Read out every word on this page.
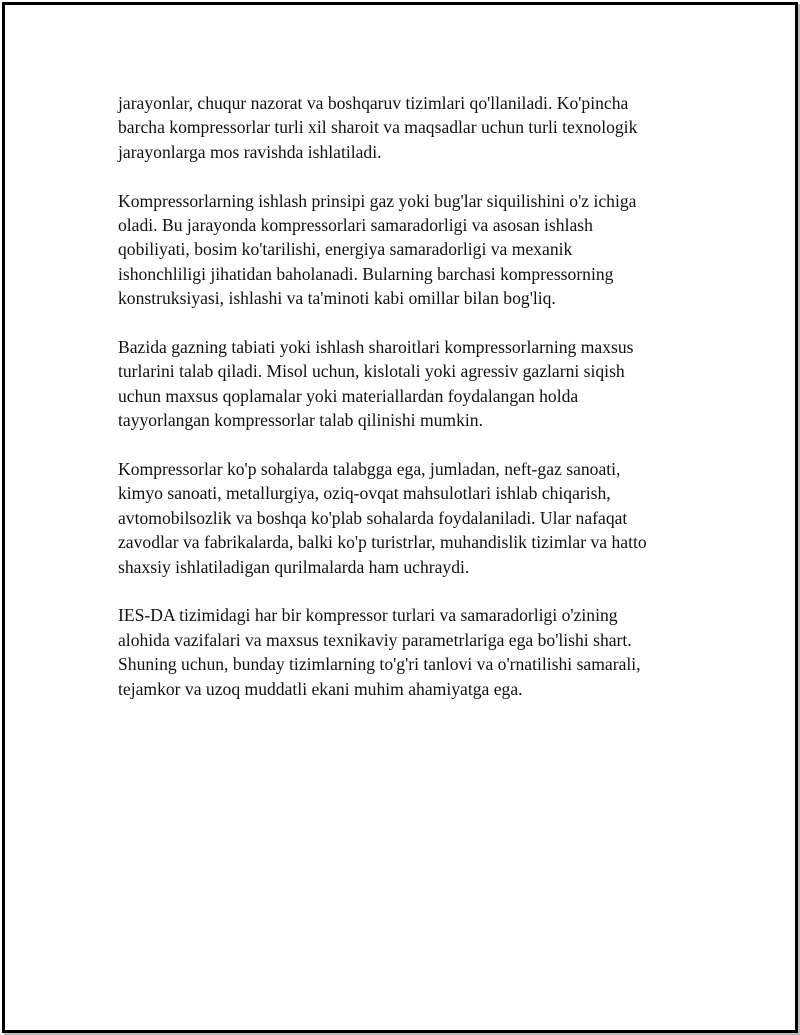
jarayonlar, chuqur nazorat va boshqaruv tizimlari qo'llaniladi. Ko'pincha
barcha kompressorlar turli xil sharoit va maqsadlar uchun turli texnologik
jarayonlarga mos ravishda ishlatiladi.

Kompressorlarning ishlash prinsipi gaz yoki bug'lar siquilishini o'z ichiga
oladi. Bu jarayonda kompressorlari samaradorligi va asosan ishlash
qobiliyati, bosim ko'tarilishi, energiya samaradorligi va mexanik
ishonchliligi jihatidan baholanadi. Bularning barchasi kompressorning
konstruksiyasi, ishlashi va ta'minoti kabi omillar bilan bog'liq.

Bazida gazning tabiati yoki ishlash sharoitlari kompressorlarning maxsus
turlarini talab qiladi. Misol uchun, kislotali yoki agressiv gazlarni siqish
uchun maxsus qoplamalar yoki materiallardan foydalangan holda
tayyorlangan kompressorlar talab qilinishi mumkin.

Kompressorlar ko'p sohalarda talabgga ega, jumladan, neft-gaz sanoati,
kimyo sanoati, metallurgiya, oziq-ovqat mahsulotlari ishlab chiqarish,
avtomobilsozlik va boshqa ko'plab sohalarda foydalaniladi. Ular nafaqat
zavodlar va fabrikalarda, balki ko'p turistrlar, muhandislik tizimlar va hatto
shaxsiy ishlatiladigan qurilmalarda ham uchraydi.

IES-DA tizimidagi har bir kompressor turlari va samaradorligi o'zining
alohida vazifalari va maxsus texnikaviy parametrlariga ega bo'lishi shart.
Shuning uchun, bunday tizimlarning to'g'ri tanlovi va o'rnatilishi samarali,
tejamkor va uzoq muddatli ekani muhim ahamiyatga ega.
